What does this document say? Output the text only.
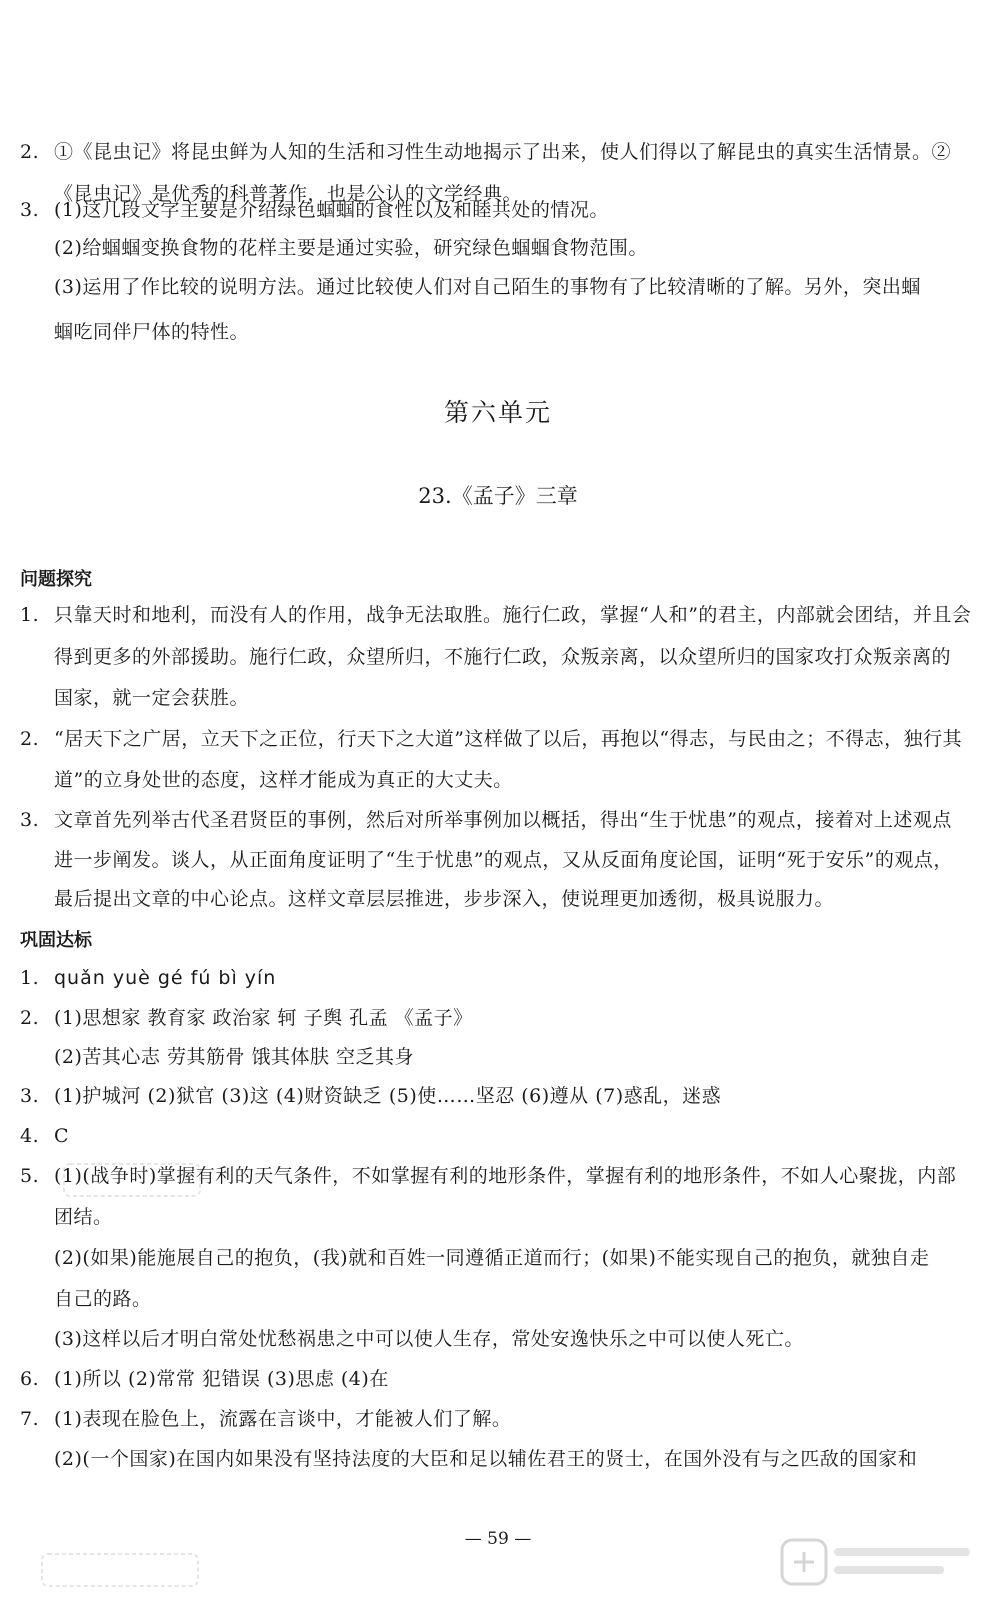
2. ①《昆虫记》将昆虫鲜为人知的生活和习性生动地揭示了出来，使人们得以了解昆虫的真实生活情景。②
《昆虫记》是优秀的科普著作，也是公认的文学经典。
3. (1)这几段文字主要是介绍绿色蝈蝈的食性以及和睦共处的情况。
(2)给蝈蝈变换食物的花样主要是通过实验，研究绿色蝈蝈食物范围。
(3)运用了作比较的说明方法。通过比较使人们对自己陌生的事物有了比较清晰的了解。另外，突出蝈
蝈吃同伴尸体的特性。
第六单元
23.《孟子》三章
问题探究
1. 只靠天时和地利，而没有人的作用，战争无法取胜。施行仁政，掌握“人和”的君主，内部就会团结，并且会
得到更多的外部援助。施行仁政，众望所归，不施行仁政，众叛亲离，以众望所归的国家攻打众叛亲离的
国家，就一定会获胜。
2. “居天下之广居，立天下之正位，行天下之大道”这样做了以后，再抱以“得志，与民由之；不得志，独行其
道”的立身处世的态度，这样才能成为真正的大丈夫。
3. 文章首先列举古代圣君贤臣的事例，然后对所举事例加以概括，得出“生于忧患”的观点，接着对上述观点
进一步阐发。谈人，从正面角度证明了“生于忧患”的观点，又从反面角度论国，证明“死于安乐”的观点，
最后提出文章的中心论点。这样文章层层推进，步步深入，使说理更加透彻，极具说服力。
巩固达标
1. quǎn yuè gé fú bì yín
2. (1)思想家 教育家 政治家 轲 子舆 孔孟 《孟子》
(2)苦其心志 劳其筋骨 饿其体肤 空乏其身
3. (1)护城河 (2)狱官 (3)这 (4)财资缺乏 (5)使……坚忍 (6)遵从 (7)惑乱，迷惑
4. C
5. (1)(战争时)掌握有利的天气条件，不如掌握有利的地形条件，掌握有利的地形条件，不如人心聚拢，内部
团结。
(2)(如果)能施展自己的抱负，(我)就和百姓一同遵循正道而行；(如果)不能实现自己的抱负，就独自走
自己的路。
(3)这样以后才明白常处忧愁祸患之中可以使人生存，常处安逸快乐之中可以使人死亡。
6. (1)所以 (2)常常 犯错误 (3)思虑 (4)在
7. (1)表现在脸色上，流露在言谈中，才能被人们了解。
(2)(一个国家)在国内如果没有坚持法度的大臣和足以辅佐君王的贤士，在国外没有与之匹敌的国家和
— 59 —
